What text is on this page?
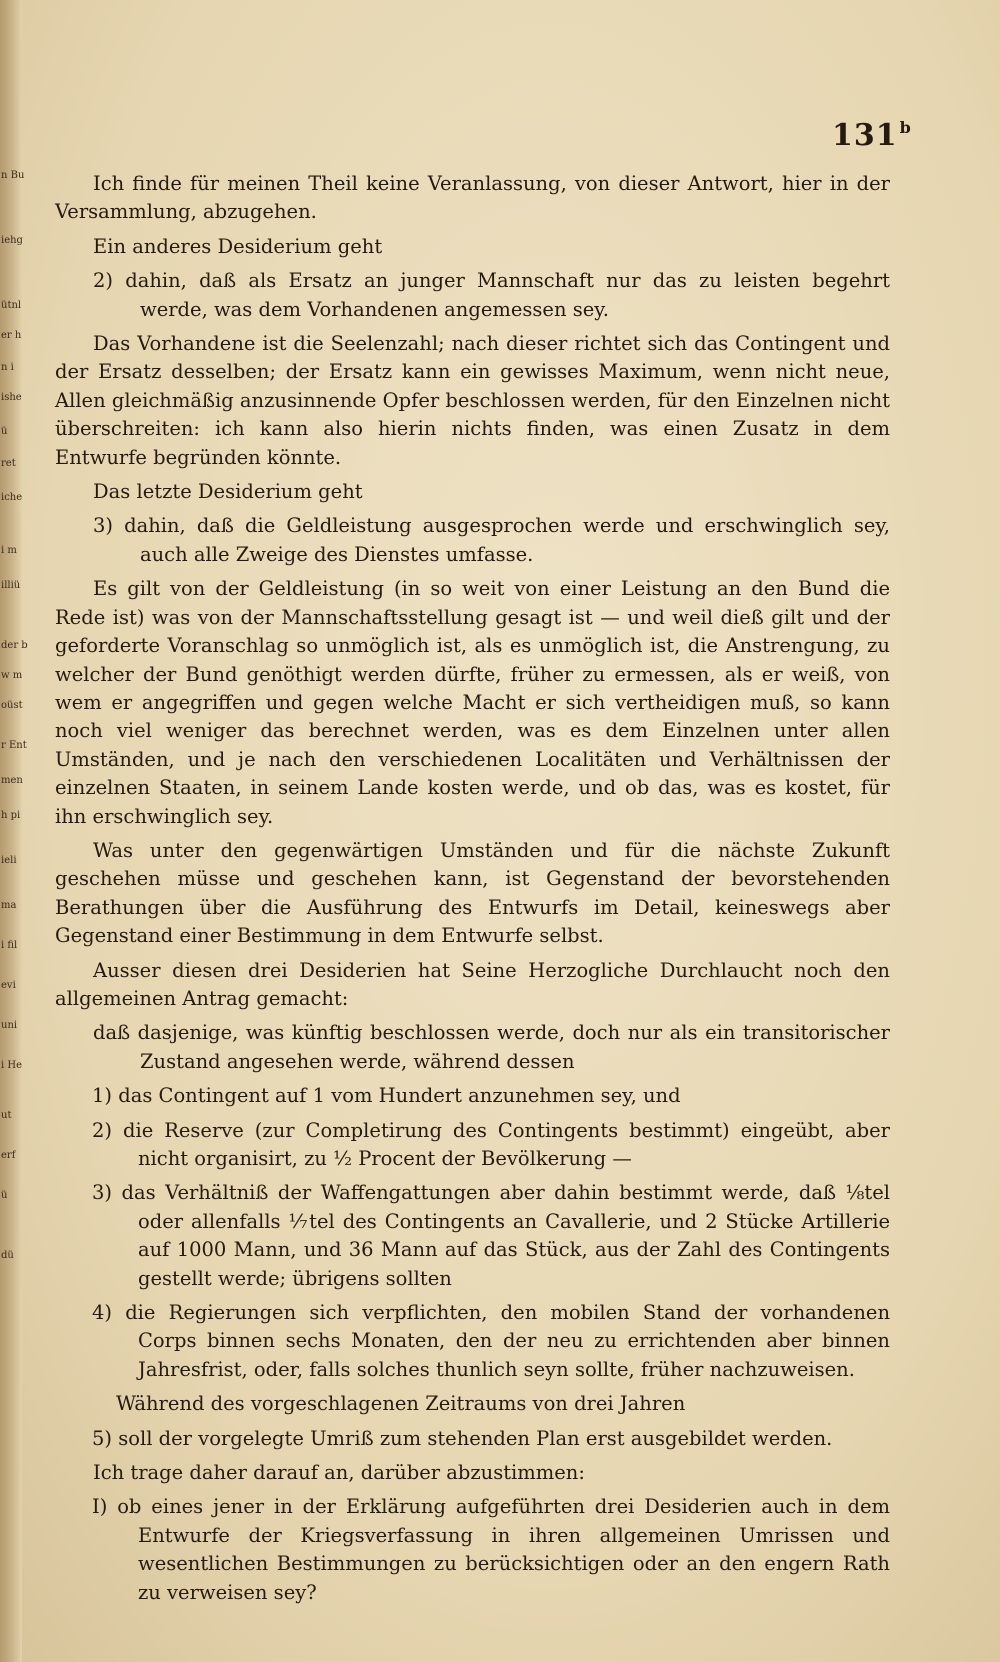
n Bu
iehg
ütnl
er h
n i
ishe
ü
ret
iche
i m
illiü
der b
w m
oüst
r Ent
men
h pi
ieli
ma
i fil
evi
uni
i He
ut
erf
ü
dü
131 $^b$

Ich finde für meinen Theil keine Veranlassung, von dieser Antwort, hier in der Versammlung, abzugehen.

Ein anderes Desiderium geht

2) dahin, daß als Ersatz an junger Mannschaft nur das zu leisten begehrt werde, was dem Vorhandenen angemessen sey.

Das Vorhandene ist die Seelenzahl; nach dieser richtet sich das Contingent und der Ersatz desselben; der Ersatz kann ein gewisses Maximum, wenn nicht neue, Allen gleichmäßig anzusinnende Opfer beschlossen werden, für den Einzelnen nicht überschreiten: ich kann also hierin nichts finden, was einen Zusatz in dem Entwurfe begründen könnte.

Das letzte Desiderium geht

3) dahin, daß die Geldleistung ausgesprochen werde und erschwinglich sey, auch alle Zweige des Dienstes umfasse.

Es gilt von der Geldleistung (in so weit von einer Leistung an den Bund die Rede ist) was von der Mannschaftsstellung gesagt ist — und weil dieß gilt und der geforderte Voranschlag so unmöglich ist, als es unmöglich ist, die Anstrengung, zu welcher der Bund genöthigt werden dürfte, früher zu ermessen, als er weiß, von wem er angegriffen und gegen welche Macht er sich vertheidigen muß, so kann noch viel weniger das berechnet werden, was es dem Einzelnen unter allen Umständen, und je nach den verschiedenen Localitäten und Verhältnissen der einzelnen Staaten, in seinem Lande kosten werde, und ob das, was es kostet, für ihn erschwinglich sey.

Was unter den gegenwärtigen Umständen und für die nächste Zukunft geschehen müsse und geschehen kann, ist Gegenstand der bevorstehenden Berathungen über die Ausführung des Entwurfs im Detail, keineswegs aber Gegenstand einer Bestimmung in dem Entwurfe selbst.

Ausser diesen drei Desiderien hat Seine Herzogliche Durchlaucht noch den allgemeinen Antrag gemacht:

daß dasjenige, was künftig beschlossen werde, doch nur als ein transitorischer Zustand angesehen werde, während dessen

1) das Contingent auf 1 vom Hundert anzunehmen sey, und

2) die Reserve (zur Completirung des Contingents bestimmt) eingeübt, aber nicht organisirt, zu ½ Procent der Bevölkerung —

3) das Verhältniß der Waffengattungen aber dahin bestimmt werde, daß ⅛tel oder allenfalls ⅐tel des Contingents an Cavallerie, und 2 Stücke Artillerie auf 1000 Mann, und 36 Mann auf das Stück, aus der Zahl des Contingents gestellt werde; übrigens sollten

4) die Regierungen sich verpflichten, den mobilen Stand der vorhandenen Corps binnen sechs Monaten, den der neu zu errichtenden aber binnen Jahresfrist, oder, falls solches thunlich seyn sollte, früher nachzuweisen.

Während des vorgeschlagenen Zeitraums von drei Jahren

5) soll der vorgelegte Umriß zum stehenden Plan erst ausgebildet werden.

Ich trage daher darauf an, darüber abzustimmen:

I) ob eines jener in der Erklärung aufgeführten drei Desiderien auch in dem Entwurfe der Kriegsverfassung in ihren allgemeinen Umrissen und wesentlichen Bestimmungen zu berücksichtigen oder an den engern Rath zu verweisen sey?
